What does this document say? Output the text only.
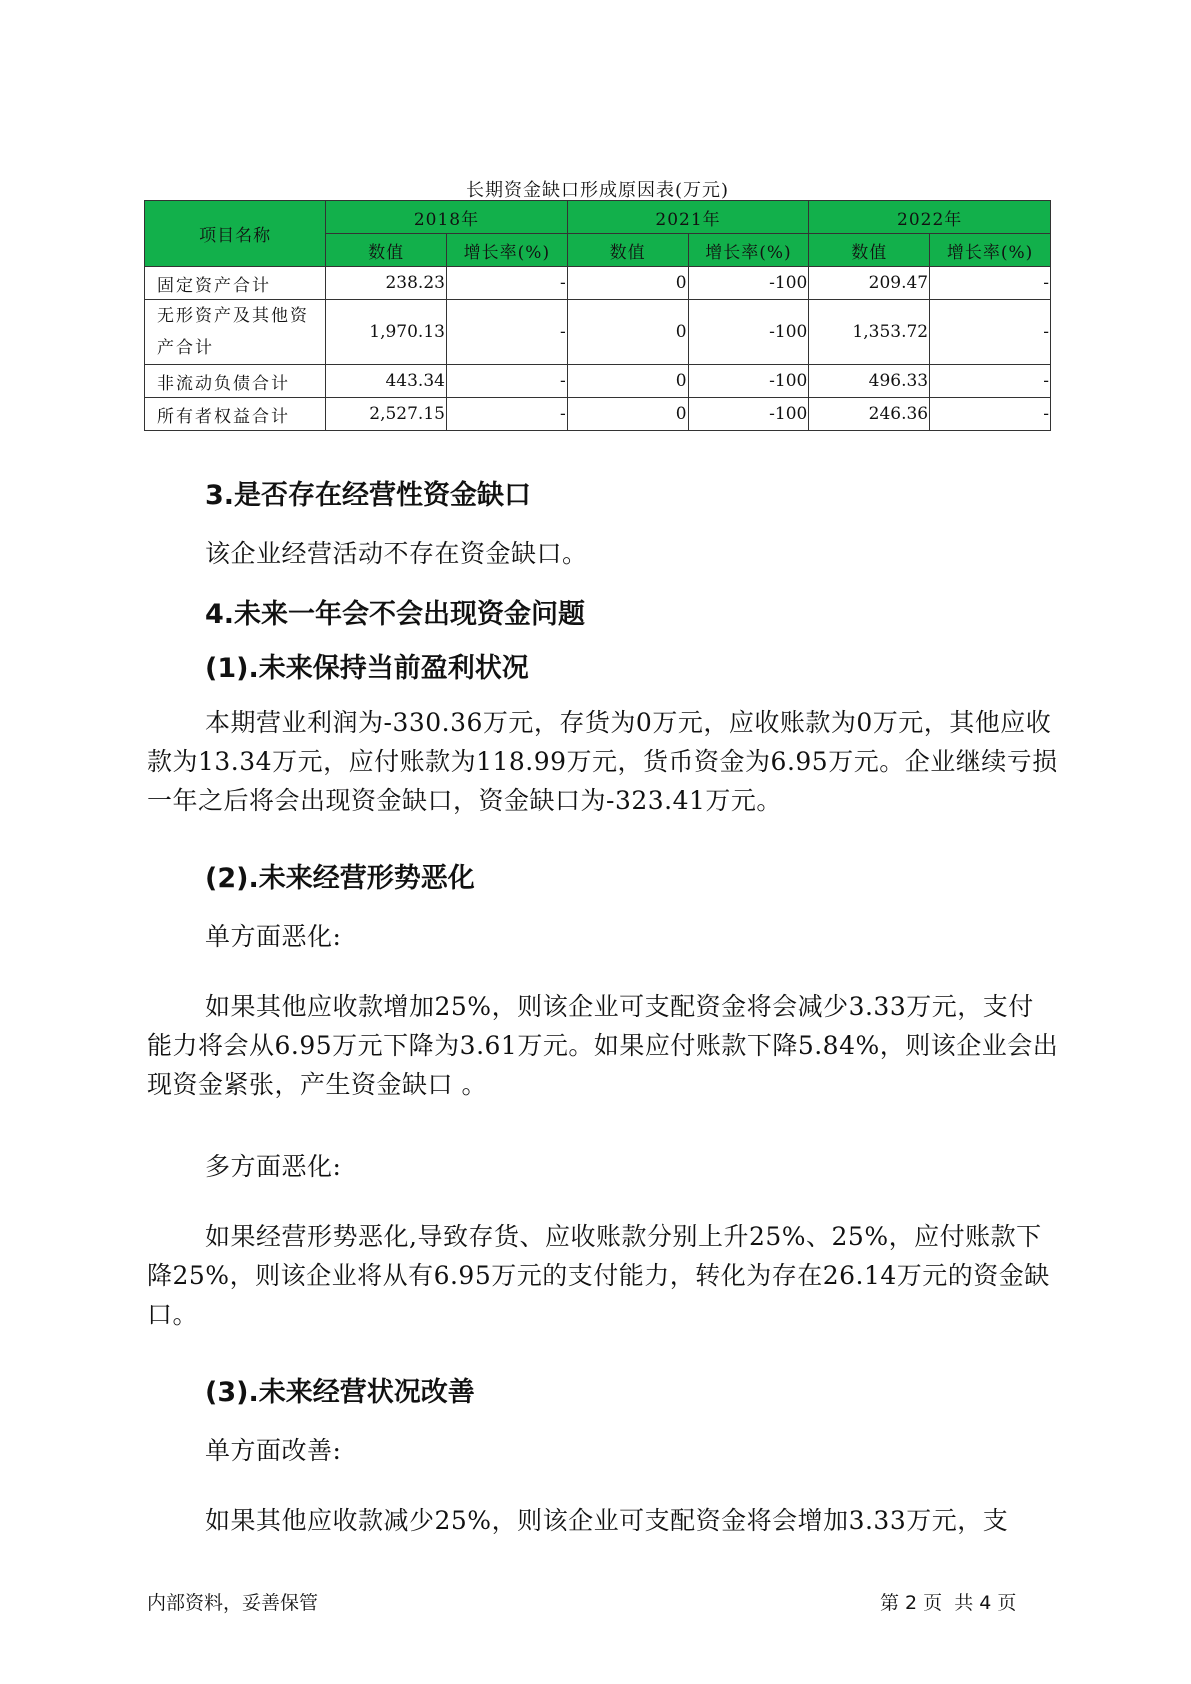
长期资金缺口形成原因表(万元)
项目名称	2018年		2021年		2022年	
	数值	增长率(%)	数值	增长率(%)	数值	增长率(%)
固定资产合计	238.23	-	0	-100	209.47	-
无形资产及其他资产合计	1,970.13	-	0	-100	1,353.72	-
非流动负债合计	443.34	-	0	-100	496.33	-
所有者权益合计	2,527.15	-	0	-100	246.36	-
3.是否存在经营性资金缺口
该企业经营活动不存在资金缺口。
4.未来一年会不会出现资金问题
(1).未来保持当前盈利状况
本期营业利润为-330.36万元，存货为0万元，应收账款为0万元，其他应收款为13.34万元，应付账款为118.99万元，货币资金为6.95万元。企业继续亏损一年之后将会出现资金缺口，资金缺口为-323.41万元。
(2).未来经营形势恶化
单方面恶化:
如果其他应收款增加25%，则该企业可支配资金将会减少3.33万元，支付能力将会从6.95万元下降为3.61万元。如果应付账款下降5.84%，则该企业会出现资金紧张，产生资金缺口 。
多方面恶化:
如果经营形势恶化,导致存货、应收账款分别上升25%、25%，应付账款下降25%，则该企业将从有6.95万元的支付能力，转化为存在26.14万元的资金缺口。
(3).未来经营状况改善
单方面改善:
如果其他应收款减少25%，则该企业可支配资金将会增加3.33万元，支
内部资料，妥善保管	第 2 页  共 4 页
